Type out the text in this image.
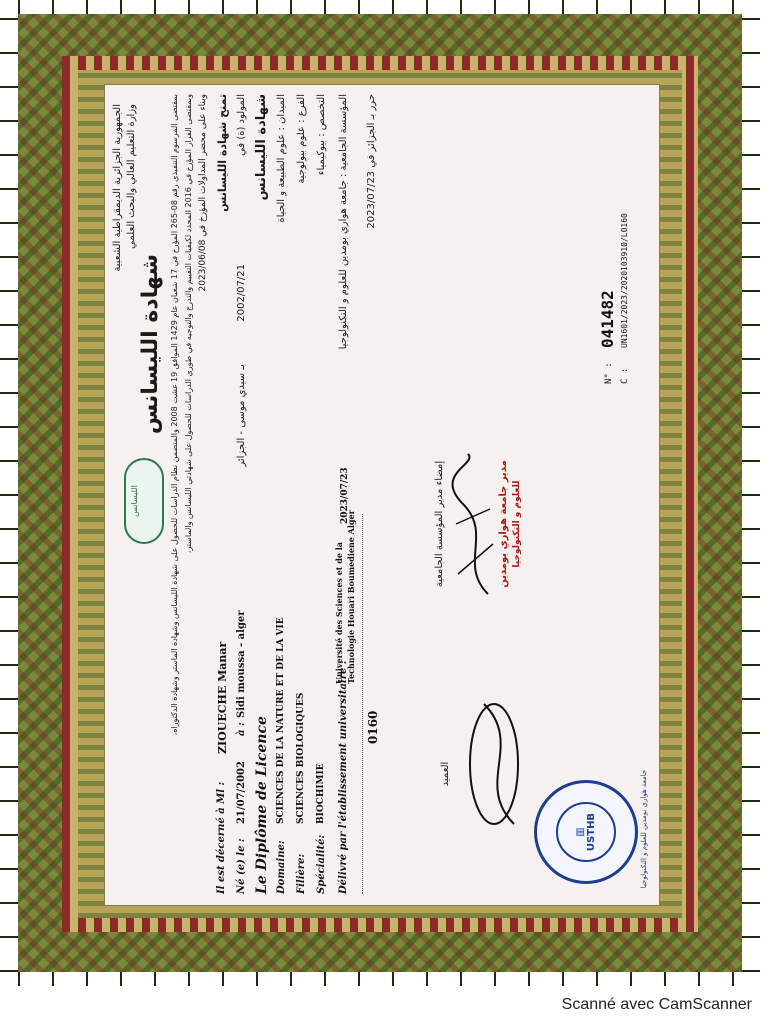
الجمهورية الجزائرية الديمقراطية الشعبية وزارة التعليم العالي والبحث العلمي
شهادة الليسانس
الليسانس	بمقتضى المرسوم التنفيذي رقم 08-265 المؤرخ في 17 شعبان عام 1429 الموافق 19 غشت 2008 والمتضمن نظام الدراسات للحصول على شهادة الليسانس وشهادة الماستر وشهادة الدكتوراه،
وبمقتضى القرار المؤرخ في 2016 المحدد لكيفيات التقييم والتدرج والتوجيه في طوري الدراسات للحصول على شهادتي الليسانس والماستر،
وبناء على محضر المداولات المؤرخ في 2023/06/08 تمنح شهادة الليسانس المولود (ة) في
2002/07/21
بـ سيدي موسى - الجزائر
شهادة الليسانس الميدان : علوم الطبيعة و الحياة الفرع : علوم بيولوجية التخصص : بيوكيمياء المؤسسة الجامعية : جامعة هواري بومدين للعلوم و التكنولوجيا حرر بـ الجزائر في 2023/07/23
Il est décerné à Ml :
ZIOUECHE Manar
Né (e) le :
21/07/2002
à :
Sidi moussa - alger
Le Diplôme de Licence Domaine:
SCIENCES DE LA NATURE ET DE LA VIE
Filière:
SCIENCES BIOLOGIQUES
Spécialité:
BIOCHIMIE Délivré par l'établissement universitaire :
Université des Sciences et de la Technologie Houari Boumediene Alger
2023/07/23
0160
إمضاء مدير المؤسسة الجامعية	مدير جامعة هواري بومدين للعلوم و التكنولوجيا
العميد
▥ USTHB	جامعة هواري بومدين للعلوم و التكنولوجيا
N° :
041482
C :
UN1601/2023/2020103910/L0160
Scanné avec CamScanner
